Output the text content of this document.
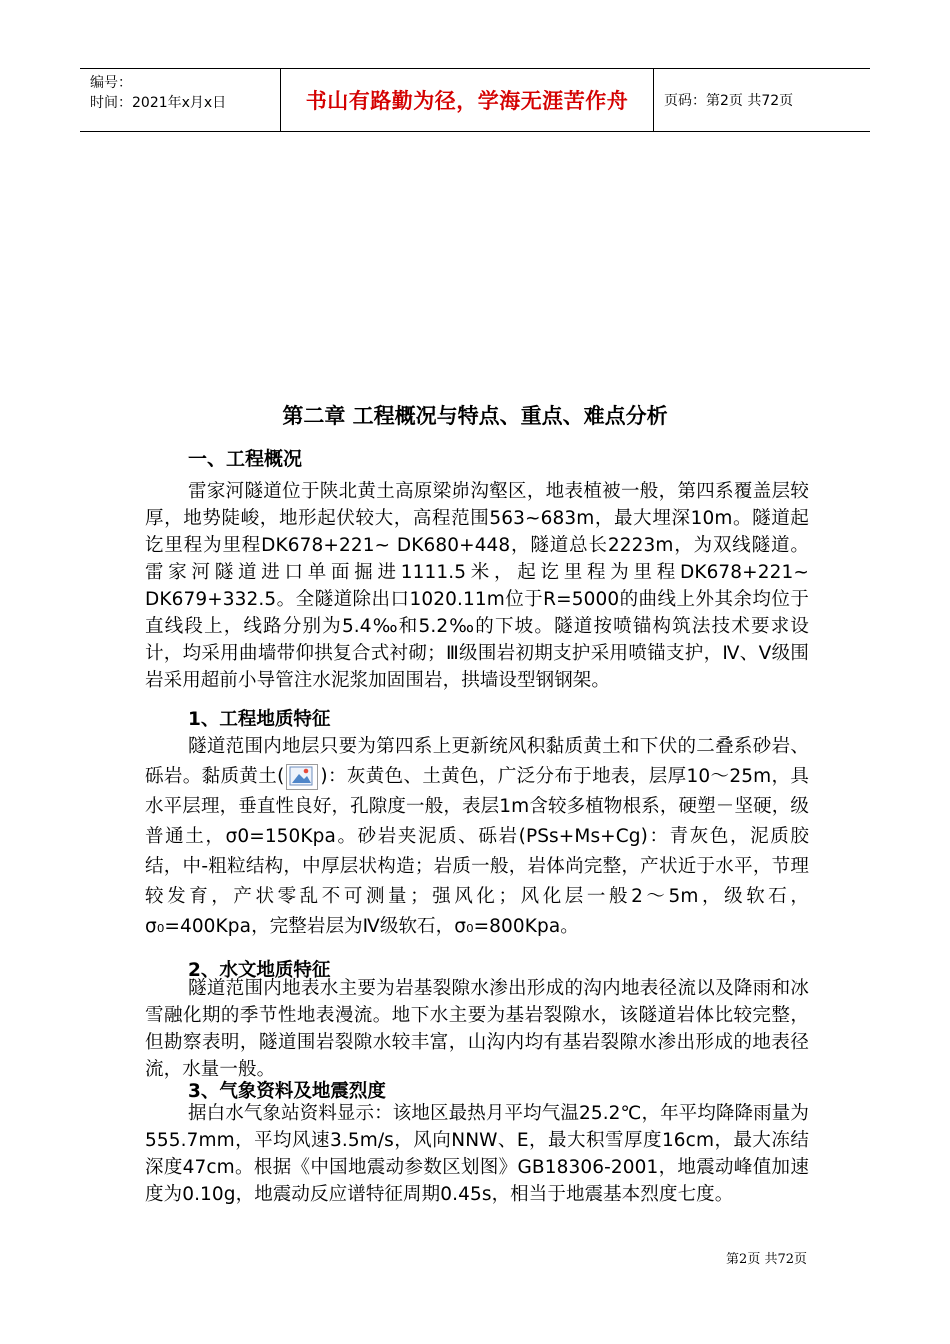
编号：
时间：2021年x月x日	书山有路勤为径，学海无涯苦作舟	页码：第2页 共72页
第二章 工程概况与特点、重点、难点分析
一、工程概况

雷家河隧道位于陕北黄土高原梁峁沟壑区，地表植被一般，第四系覆盖层较厚，地势陡峻，地形起伏较大，高程范围563~683m，最大埋深10m。隧道起讫里程为里程DK678+221~ DK680+448，隧道总长2223m，为双线隧道。雷家河隧道进口单面掘进1111.5米，起讫里程为里程DK678+221~ DK679+332.5。全隧道除出口1020.11m位于R=5000的曲线上外其余均位于直线段上，线路分别为5.4‰和5.2‰的下坡。隧道按喷锚构筑法技术要求设计，均采用曲墙带仰拱复合式衬砌；Ⅲ级围岩初期支护采用喷锚支护，Ⅳ、Ⅴ级围岩采用超前小导管注水泥浆加固围岩，拱墙设型钢钢架。

1、工程地质特征

隧道范围内地层只要为第四系上更新统风积黏质黄土和下伏的二叠系砂岩、砾岩。黏质黄土( )：灰黄色、土黄色，广泛分布于地表，层厚10～25m，具水平层理，垂直性良好，孔隙度一般，表层1m含较多植物根系，硬塑－坚硬，级普通土，σ0=150Kpa。砂岩夹泥质、砾岩(PSs+Ms+Cg)：青灰色，泥质胶结，中-粗粒结构，中厚层状构造；岩质一般，岩体尚完整，产状近于水平，节理较发育，产状零乱不可测量；强风化；风化层一般2～5m，级软石，σ₀=400Kpa，完整岩层为Ⅳ级软石，σ₀=800Kpa。

2、水文地质特征

隧道范围内地表水主要为岩基裂隙水渗出形成的沟内地表径流以及降雨和冰雪融化期的季节性地表漫流。地下水主要为基岩裂隙水，该隧道岩体比较完整，但勘察表明，隧道围岩裂隙水较丰富，山沟内均有基岩裂隙水渗出形成的地表径流，水量一般。

3、气象资料及地震烈度

据白水气象站资料显示：该地区最热月平均气温25.2℃，年平均降降雨量为555.7mm，平均风速3.5m/s，风向NNW、E，最大积雪厚度16cm，最大冻结深度47cm。根据《中国地震动参数区划图》GB18306-2001，地震动峰值加速度为0.10g，地震动反应谱特征周期0.45s，相当于地震基本烈度七度。

第2页 共72页
